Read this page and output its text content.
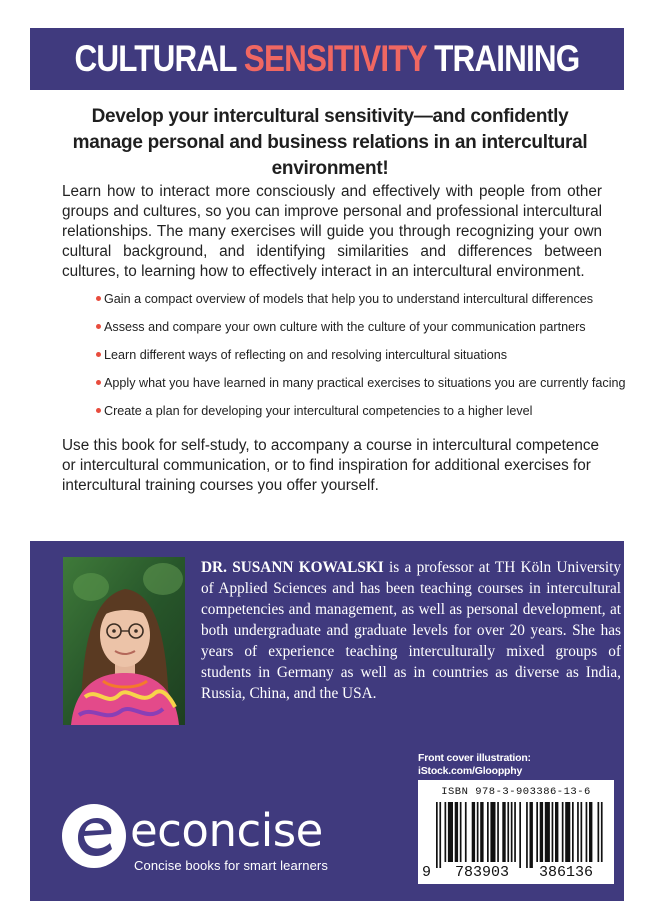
CULTURAL SENSITIVITY TRAINING
Develop your intercultural sensitivity—and confidently manage personal and business relations in an intercultural environment!
Learn how to interact more consciously and effectively with people from other groups and cultures, so you can improve personal and professional intercultural relationships. The many exercises will guide you through recognizing your own cultural background, and identifying similarities and differences between cultures, to learning how to effectively interact in an intercultural environment.
Gain a compact overview of models that help you to understand intercultural differences
Assess and compare your own culture with the culture of your communication partners
Learn different ways of reflecting on and resolving intercultural situations
Apply what you have learned in many practical exercises to situations you are currently facing
Create a plan for developing your intercultural competencies to a higher level
Use this book for self-study, to accompany a course in intercultural competence or intercultural communication, or to find inspiration for additional exercises for intercultural training courses you offer yourself.
DR. SUSANN KOWALSKI is a professor at TH Köln University of Applied Sciences and has been teaching courses in intercultural competencies and management, as well as personal development, at both undergraduate and graduate levels for over 20 years. She has years of experience teaching interculturally mixed groups of students in Germany as well as in countries as diverse as India, Russia, China, and the USA.
Front cover illustration:
iStock.com/Gloopphy
ISBN 978-3-903386-13-6
9	783903	386136
econcise
Concise books for smart learners
